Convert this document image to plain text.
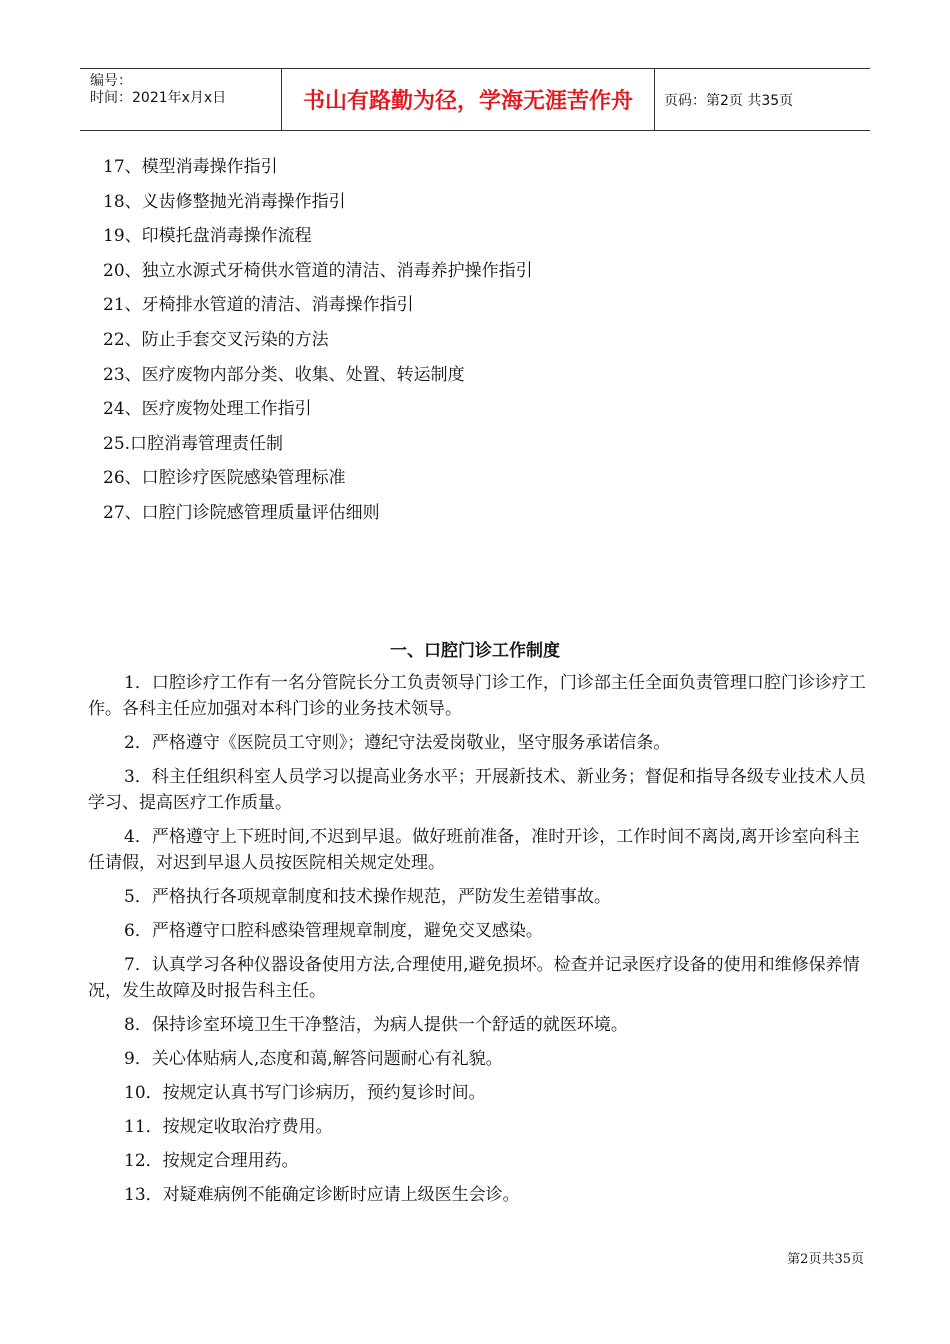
编号：
时间：2021年x月x日	书山有路勤为径，学海无涯苦作舟	页码：第2页 共35页
17、模型消毒操作指引
18、义齿修整抛光消毒操作指引
19、印模托盘消毒操作流程
20、独立水源式牙椅供水管道的清洁、消毒养护操作指引
21、牙椅排水管道的清洁、消毒操作指引
22、防止手套交叉污染的方法
23、医疗废物内部分类、收集、处置、转运制度
24、医疗废物处理工作指引
25.口腔消毒管理责任制
26、口腔诊疗医院感染管理标准
27、口腔门诊院感管理质量评估细则
一、口腔门诊工作制度
1．口腔诊疗工作有一名分管院长分工负责领导门诊工作，门诊部主任全面负责管理口腔门诊诊疗工作。各科主任应加强对本科门诊的业务技术领导。
2．严格遵守《医院员工守则》；遵纪守法爱岗敬业，坚守服务承诺信条。
3．科主任组织科室人员学习以提高业务水平；开展新技术、新业务；督促和指导各级专业技术人员学习、提高医疗工作质量。
4．严格遵守上下班时间,不迟到早退。做好班前准备，准时开诊，工作时间不离岗,离开诊室向科主任请假，对迟到早退人员按医院相关规定处理。
5．严格执行各项规章制度和技术操作规范，严防发生差错事故。
6．严格遵守口腔科感染管理规章制度，避免交叉感染。
7．认真学习各种仪器设备使用方法,合理使用,避免损坏。检查并记录医疗设备的使用和维修保养情况，发生故障及时报告科主任。
8．保持诊室环境卫生干净整洁，为病人提供一个舒适的就医环境。
9．关心体贴病人,态度和蔼,解答问题耐心有礼貌。
10．按规定认真书写门诊病历，预约复诊时间。
11．按规定收取治疗费用。
12．按规定合理用药。
13．对疑难病例不能确定诊断时应请上级医生会诊。
第2页共35页
